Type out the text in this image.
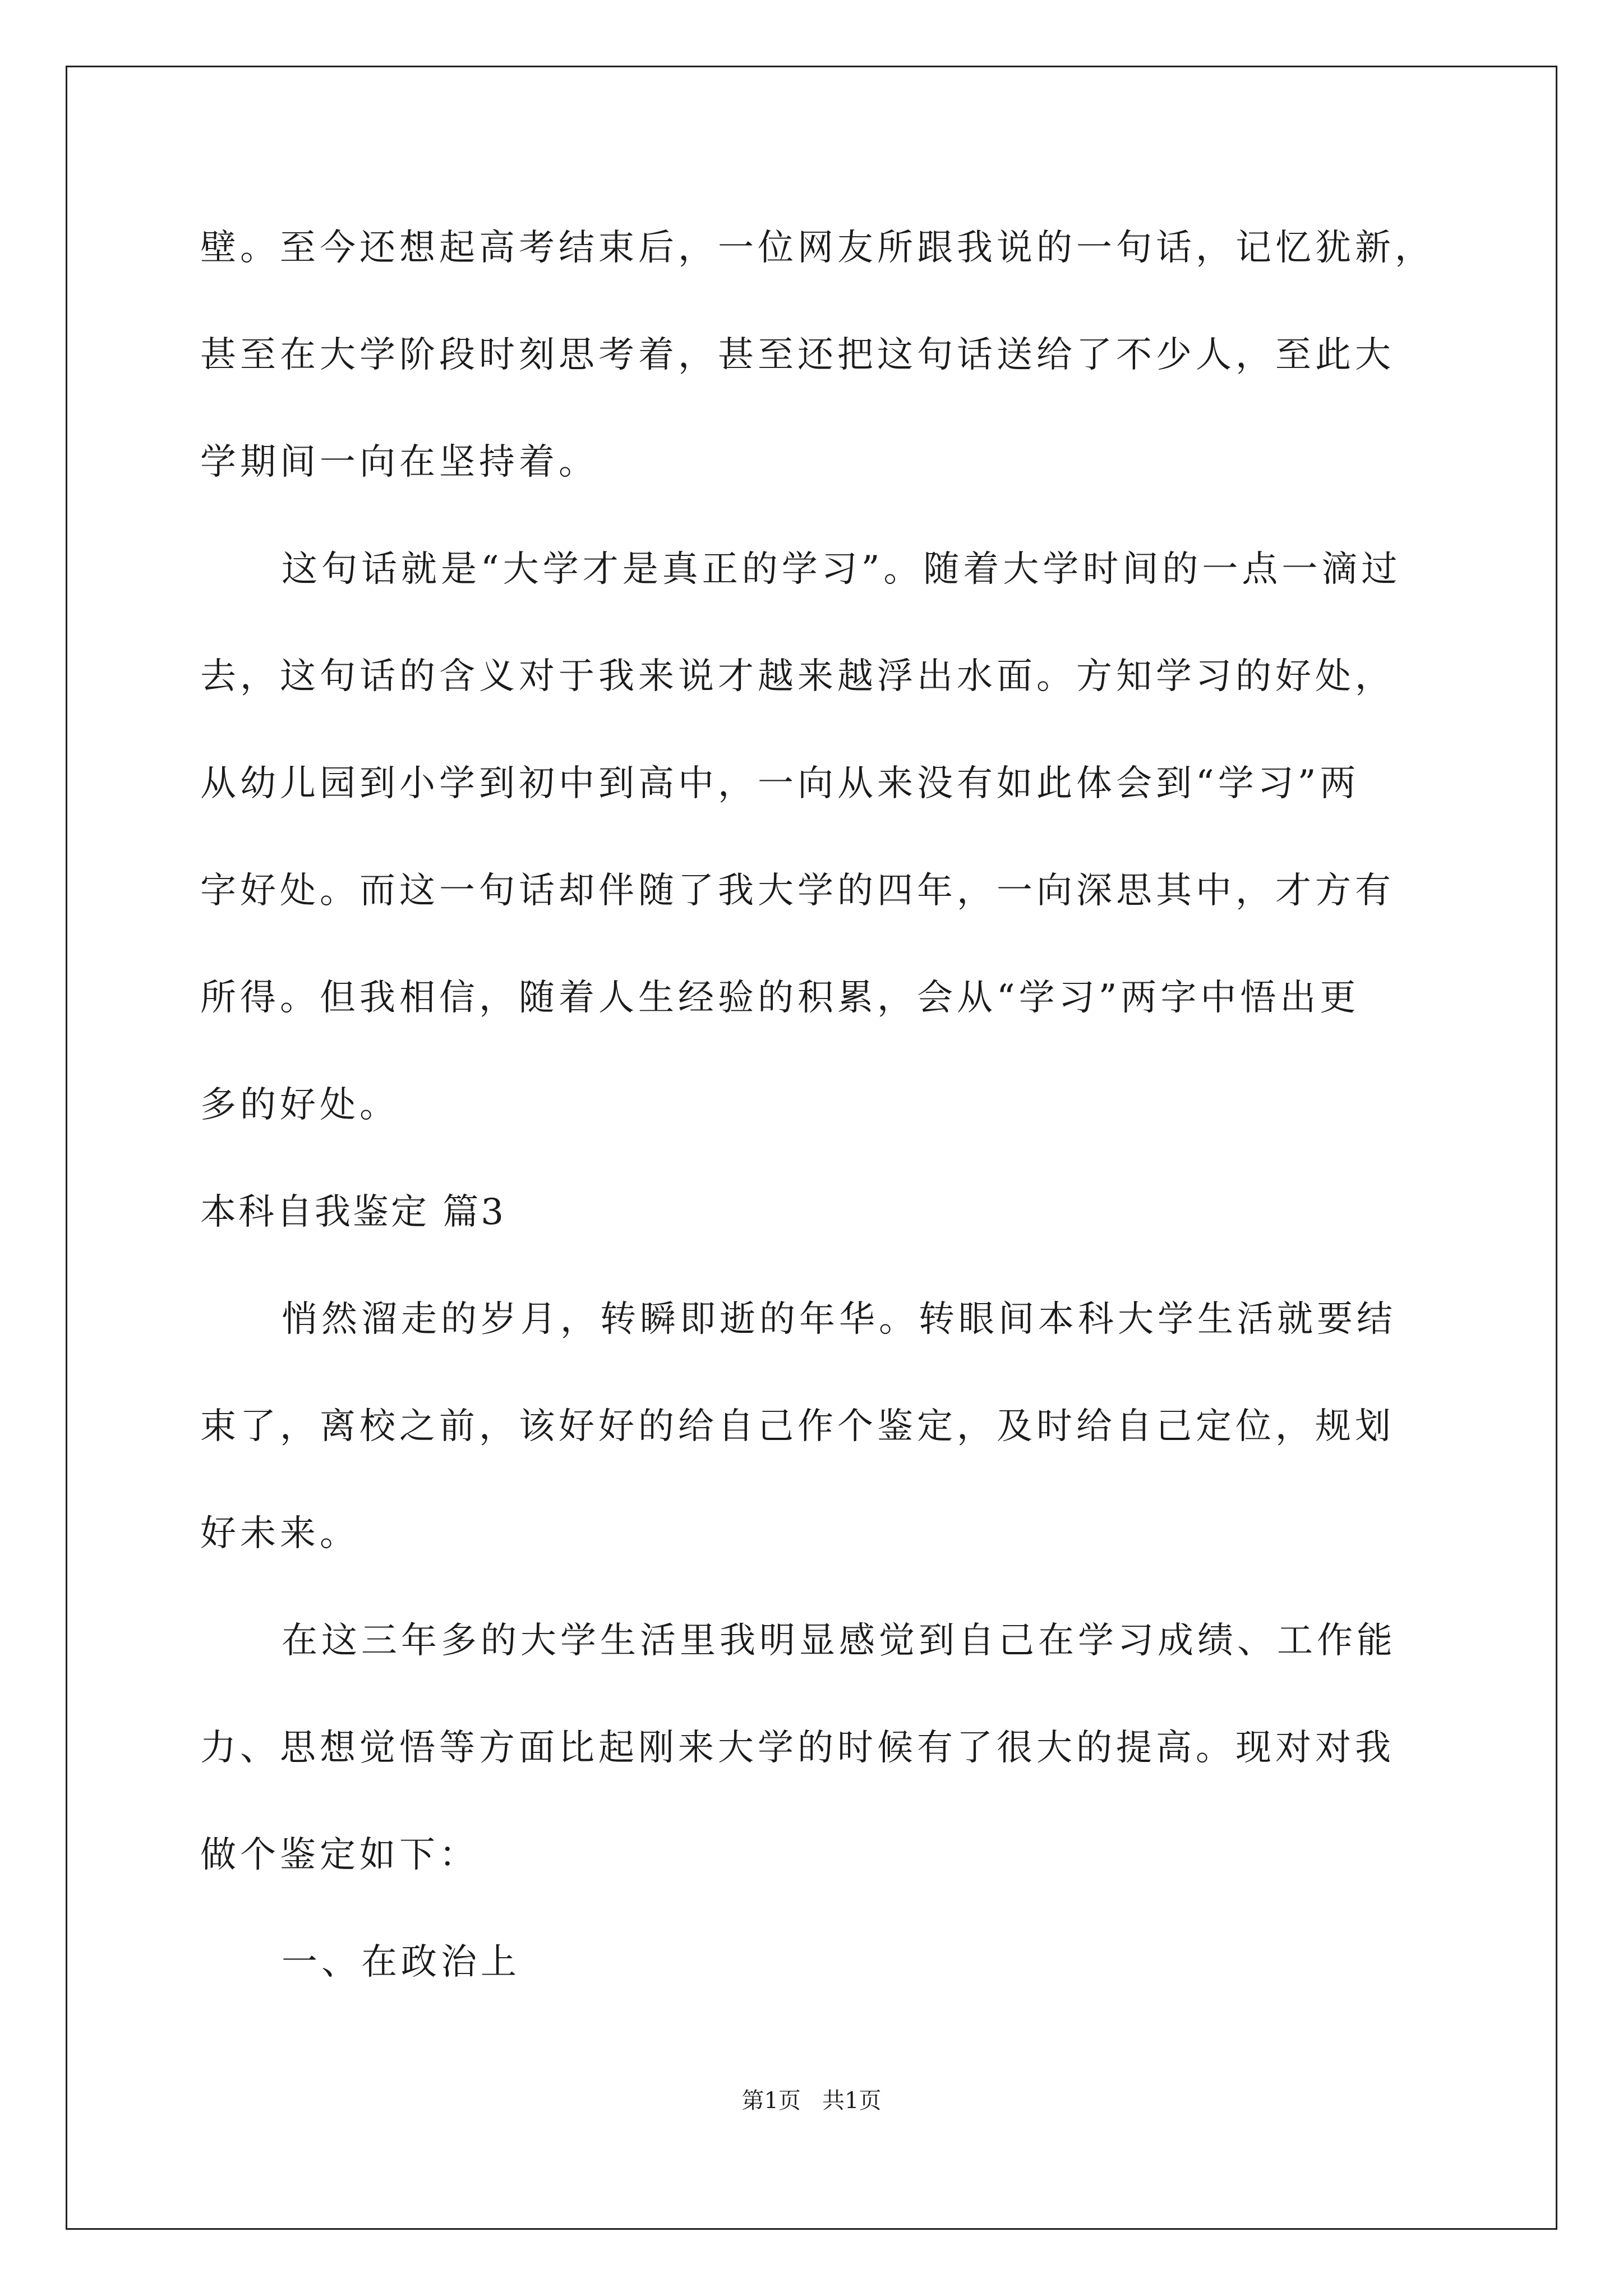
壁。至今还想起高考结束后，一位网友所跟我说的一句话，记忆犹新，
甚至在大学阶段时刻思考着，甚至还把这句话送给了不少人，至此大
学期间一向在坚持着。
这句话就是“大学才是真正的学习”。随着大学时间的一点一滴过
去，这句话的含义对于我来说才越来越浮出水面。方知学习的好处，
从幼儿园到小学到初中到高中，一向从来没有如此体会到“学习”两
字好处。而这一句话却伴随了我大学的四年，一向深思其中，才方有
所得。但我相信，随着人生经验的积累，会从“学习”两字中悟出更
多的好处。
本科自我鉴定 篇3
悄然溜走的岁月，转瞬即逝的年华。转眼间本科大学生活就要结
束了，离校之前，该好好的给自己作个鉴定，及时给自己定位，规划
好未来。
在这三年多的大学生活里我明显感觉到自己在学习成绩、工作能
力、思想觉悟等方面比起刚来大学的时候有了很大的提高。现对对我
做个鉴定如下：
一、在政治上
第1页   共1页
